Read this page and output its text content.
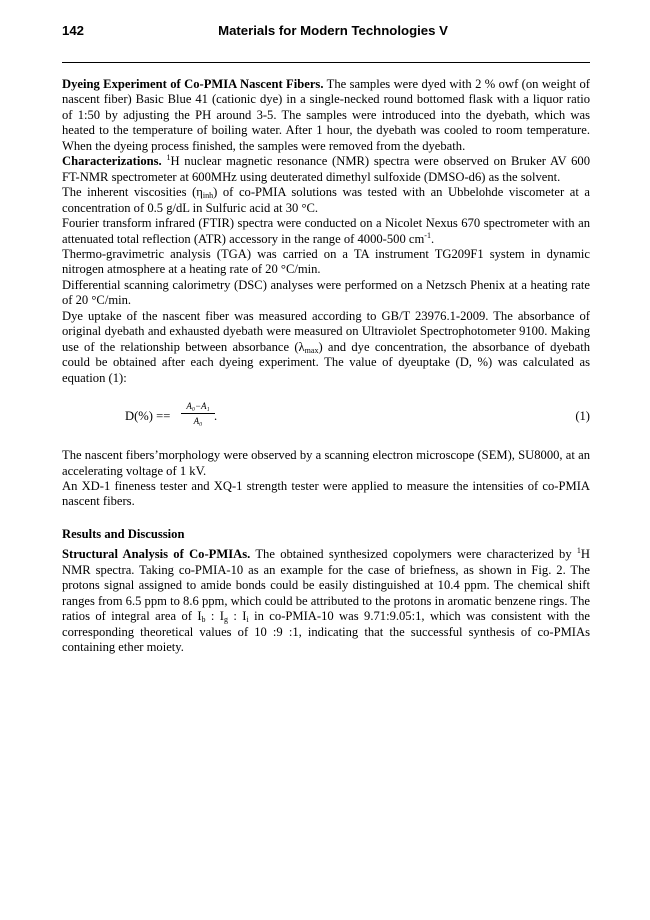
142	Materials for Modern Technologies V

Dyeing Experiment of Co-PMIA Nascent Fibers. The samples were dyed with 2 % owf (on weight of nascent fiber) Basic Blue 41 (cationic dye) in a single-necked round bottomed flask with a liquor ratio of 1:50 by adjusting the PH around 3-5. The samples were introduced into the dyebath, which was heated to the temperature of boiling water. After 1 hour, the dyebath was cooled to room temperature. When the dyeing process finished, the samples were removed from the dyebath.

Characterizations. $^1$H nuclear magnetic resonance (NMR) spectra were observed on Bruker AV 600 FT-NMR spectrometer at 600MHz using deuterated dimethyl sulfoxide (DMSO-d6) as the solvent.

The inherent viscosities $(\eta_{inh})$ of co-PMIA solutions was tested with an Ubbelohde viscometer at a concentration of 0.5 g/dL in Sulfuric acid at 30 °C.

Fourier transform infrared (FTIR) spectra were conducted on a Nicolet Nexus 670 spectrometer with an attenuated total reflection (ATR) accessory in the range of 4000-500 $cm^{-1}$.

Thermo-gravimetric analysis (TGA) was carried on a TA instrument TG209F1 system in dynamic nitrogen atmosphere at a heating rate of 20 °C/min.

Differential scanning calorimetry (DSC) analyses were performed on a Netzsch Phenix at a heating rate of 20 °C/min.

Dye uptake of the nascent fiber was measured according to GB/T 23976.1-2009. The absorbance of original dyebath and exhausted dyebath were measured on Ultraviolet Spectrophotometer 9100. Making use of the relationship between absorbance $(\lambda_{max})$ and dye concentration, the absorbance of dyebath could be obtained after each dyeing experiment. The value of dyeuptake (D, %) was calculated as equation (1):

$D(\%) == \frac{\text{A₀−A₁}}{\text{A₀}}$ .	(1)

The nascent fibers’morphology were observed by a scanning electron microscope (SEM), SU8000, at an accelerating voltage of 1 kV.

An XD-1 fineness tester and XQ-1 strength tester were applied to measure the intensities of co-PMIA nascent fibers.

Results and Discussion

Structural Analysis of Co-PMIAs. The obtained synthesized copolymers were characterized by $^1$H NMR spectra. Taking co-PMIA-10 as an example for the case of briefness, as shown in Fig. 2. The protons signal assigned to amide bonds could be easily distinguished at 10.4 ppm. The chemical shift ranges from 6.5 ppm to 8.6 ppm, which could be attributed to the protons in aromatic benzene rings. The ratios of integral area of $I_b$ : $I_g$ : $I_i$ in co-PMIA-10 was 9.71:9.05:1, which was consistent with the corresponding theoretical values of 10 :9 :1, indicating that the successful synthesis of co-PMIAs containing ether moiety.
